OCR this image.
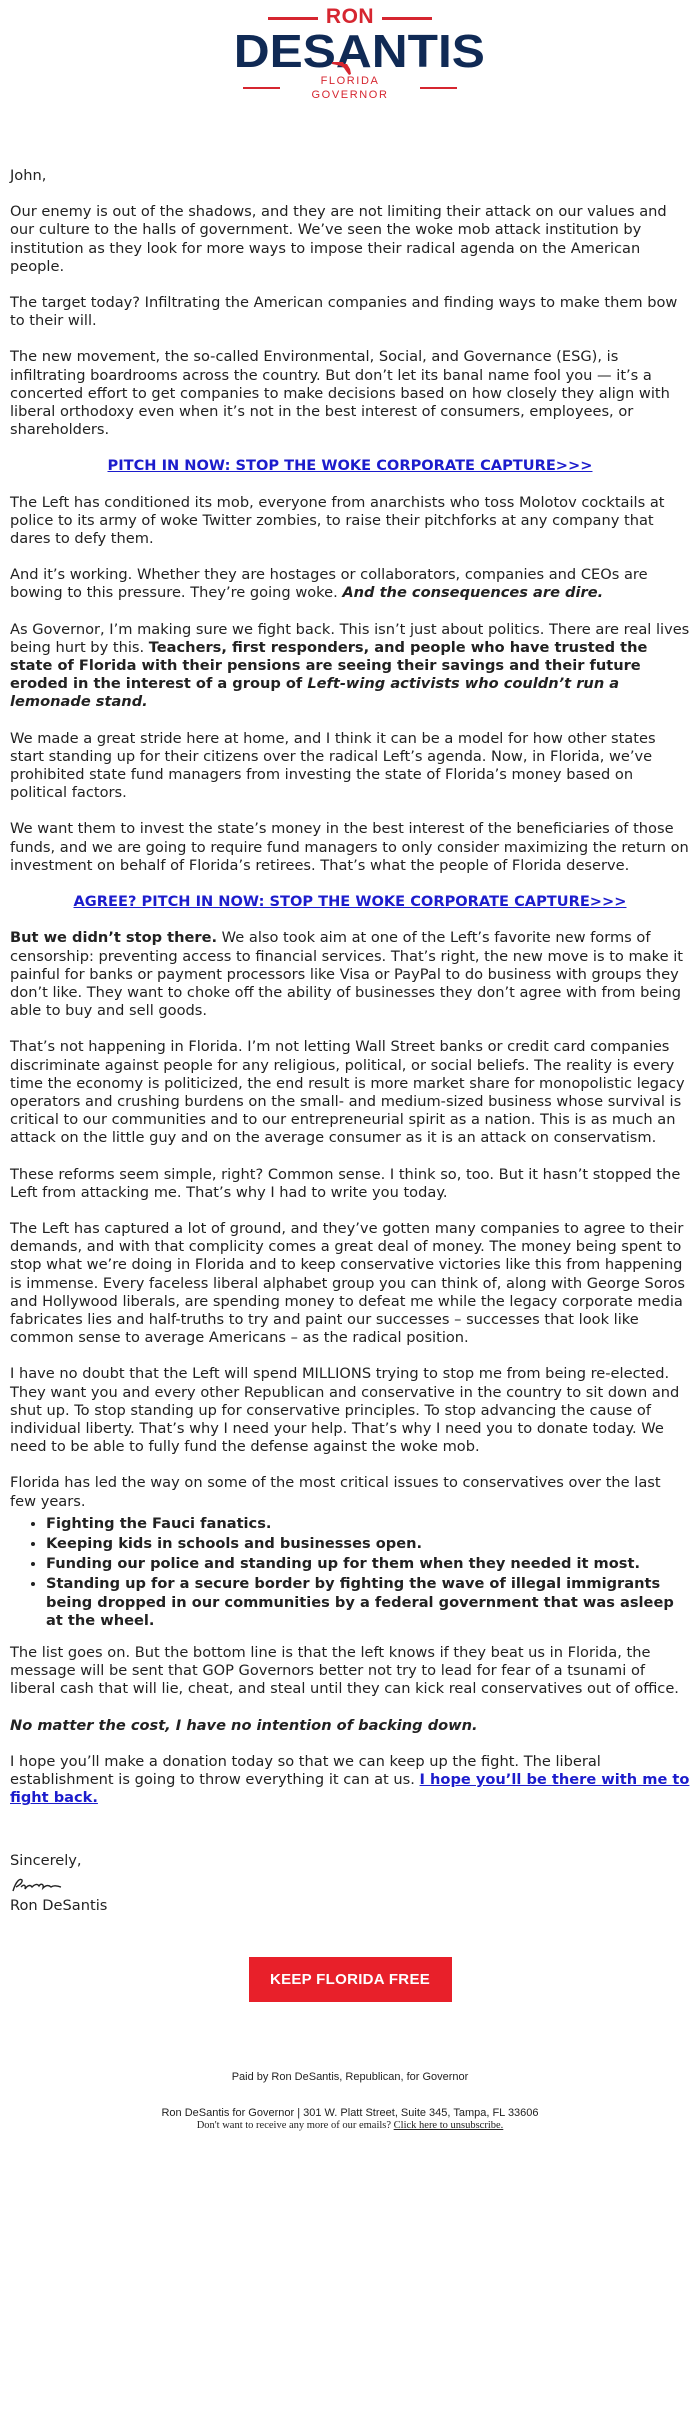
RON
DESANTIS
FLORIDA GOVERNOR

John,

Our enemy is out of the shadows, and they are not limiting their attack on our values and our culture to the halls of government. We’ve seen the woke mob attack institution by institution as they look for more ways to impose their radical agenda on the American people.

The target today? Infiltrating the American companies and finding ways to make them bow to their will.

The new movement, the so-called Environmental, Social, and Governance (ESG), is infiltrating boardrooms across the country. But don’t let its banal name fool you — it’s a concerted effort to get companies to make decisions based on how closely they align with liberal orthodoxy even when it’s not in the best interest of consumers, employees, or shareholders.

PITCH IN NOW: STOP THE WOKE CORPORATE CAPTURE>>>

The Left has conditioned its mob, everyone from anarchists who toss Molotov cocktails at police to its army of woke Twitter zombies, to raise their pitchforks at any company that dares to defy them.

And it’s working. Whether they are hostages or collaborators, companies and CEOs are bowing to this pressure. They’re going woke. And the consequences are dire.

As Governor, I’m making sure we fight back. This isn’t just about politics. There are real lives being hurt by this. Teachers, first responders, and people who have trusted the state of Florida with their pensions are seeing their savings and their future eroded in the interest of a group of Left-wing activists who couldn’t run a lemonade stand.

We made a great stride here at home, and I think it can be a model for how other states start standing up for their citizens over the radical Left’s agenda. Now, in Florida, we’ve prohibited state fund managers from investing the state of Florida’s money based on political factors.

We want them to invest the state’s money in the best interest of the beneficiaries of those funds, and we are going to require fund managers to only consider maximizing the return on investment on behalf of Florida’s retirees. That’s what the people of Florida deserve.

AGREE? PITCH IN NOW: STOP THE WOKE CORPORATE CAPTURE>>>

But we didn’t stop there. We also took aim at one of the Left’s favorite new forms of censorship: preventing access to financial services. That’s right, the new move is to make it painful for banks or payment processors like Visa or PayPal to do business with groups they don’t like. They want to choke off the ability of businesses they don’t agree with from being able to buy and sell goods.

That’s not happening in Florida. I’m not letting Wall Street banks or credit card companies discriminate against people for any religious, political, or social beliefs. The reality is every time the economy is politicized, the end result is more market share for monopolistic legacy operators and crushing burdens on the small- and medium-sized business whose survival is critical to our communities and to our entrepreneurial spirit as a nation. This is as much an attack on the little guy and on the average consumer as it is an attack on conservatism.

These reforms seem simple, right? Common sense. I think so, too. But it hasn’t stopped the Left from attacking me. That’s why I had to write you today.

The Left has captured a lot of ground, and they’ve gotten many companies to agree to their demands, and with that complicity comes a great deal of money. The money being spent to stop what we’re doing in Florida and to keep conservative victories like this from happening is immense. Every faceless liberal alphabet group you can think of, along with George Soros and Hollywood liberals, are spending money to defeat me while the legacy corporate media fabricates lies and half-truths to try and paint our successes – successes that look like common sense to average Americans – as the radical position.

I have no doubt that the Left will spend MILLIONS trying to stop me from being re-elected. They want you and every other Republican and conservative in the country to sit down and shut up. To stop standing up for conservative principles. To stop advancing the cause of individual liberty. That’s why I need your help. That’s why I need you to donate today. We need to be able to fully fund the defense against the woke mob.

Florida has led the way on some of the most critical issues to conservatives over the last few years.

• Fighting the Fauci fanatics.
• Keeping kids in schools and businesses open.
• Funding our police and standing up for them when they needed it most.
• Standing up for a secure border by fighting the wave of illegal immigrants being dropped in our communities by a federal government that was asleep at the wheel.

The list goes on. But the bottom line is that the left knows if they beat us in Florida, the message will be sent that GOP Governors better not try to lead for fear of a tsunami of liberal cash that will lie, cheat, and steal until they can kick real conservatives out of office.

No matter the cost, I have no intention of backing down.

I hope you’ll make a donation today so that we can keep up the fight. The liberal establishment is going to throw everything it can at us. I hope you’ll be there with me to fight back.

Sincerely,

Ron DeSantis

KEEP FLORIDA FREE
Paid by Ron DeSantis, Republican, for Governor
Ron DeSantis for Governor | 301 W. Platt Street, Suite 345, Tampa, FL 33606
Don't want to receive any more of our emails? Click here to unsubscribe.
